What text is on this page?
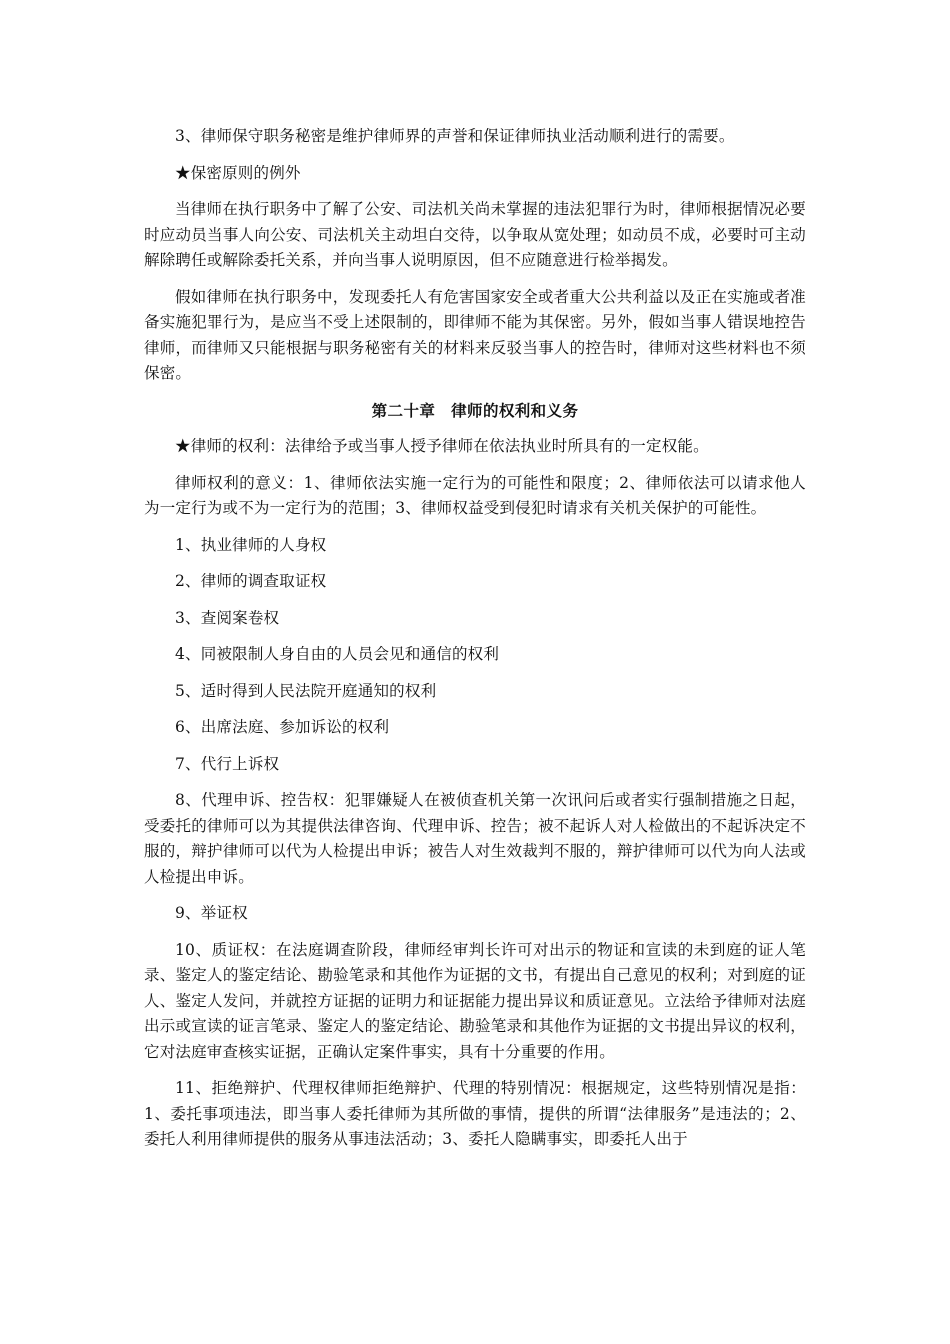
3、律师保守职务秘密是维护律师界的声誉和保证律师执业活动顺利进行的需要。

★保密原则的例外

当律师在执行职务中了解了公安、司法机关尚未掌握的违法犯罪行为时，律师根据情况必要时应动员当事人向公安、司法机关主动坦白交待，以争取从宽处理；如动员不成，必要时可主动解除聘任或解除委托关系，并向当事人说明原因，但不应随意进行检举揭发。

假如律师在执行职务中，发现委托人有危害国家安全或者重大公共利益以及正在实施或者准备实施犯罪行为，是应当不受上述限制的，即律师不能为其保密。另外，假如当事人错误地控告律师，而律师又只能根据与职务秘密有关的材料来反驳当事人的控告时，律师对这些材料也不须保密。

第二十章　律师的权利和义务

★律师的权利：法律给予或当事人授予律师在依法执业时所具有的一定权能。

律师权利的意义：1、律师依法实施一定行为的可能性和限度；2、律师依法可以请求他人为一定行为或不为一定行为的范围；3、律师权益受到侵犯时请求有关机关保护的可能性。

1、执业律师的人身权

2、律师的调查取证权

3、查阅案卷权

4、同被限制人身自由的人员会见和通信的权利

5、适时得到人民法院开庭通知的权利

6、出席法庭、参加诉讼的权利

7、代行上诉权

8、代理申诉、控告权：犯罪嫌疑人在被侦查机关第一次讯问后或者实行强制措施之日起，受委托的律师可以为其提供法律咨询、代理申诉、控告；被不起诉人对人检做出的不起诉决定不服的，辩护律师可以代为人检提出申诉；被告人对生效裁判不服的，辩护律师可以代为向人法或人检提出申诉。

9、举证权

10、质证权：在法庭调查阶段，律师经审判长许可对出示的物证和宣读的未到庭的证人笔录、鉴定人的鉴定结论、勘验笔录和其他作为证据的文书，有提出自己意见的权利；对到庭的证人、鉴定人发问，并就控方证据的证明力和证据能力提出异议和质证意见。立法给予律师对法庭出示或宣读的证言笔录、鉴定人的鉴定结论、勘验笔录和其他作为证据的文书提出异议的权利，它对法庭审查核实证据，正确认定案件事实，具有十分重要的作用。

11、拒绝辩护、代理权律师拒绝辩护、代理的特别情况：根据规定，这些特别情况是指：1、委托事项违法，即当事人委托律师为其所做的事情，提供的所谓“法律服务”是违法的；2、委托人利用律师提供的服务从事违法活动；3、委托人隐瞒事实，即委托人出于
